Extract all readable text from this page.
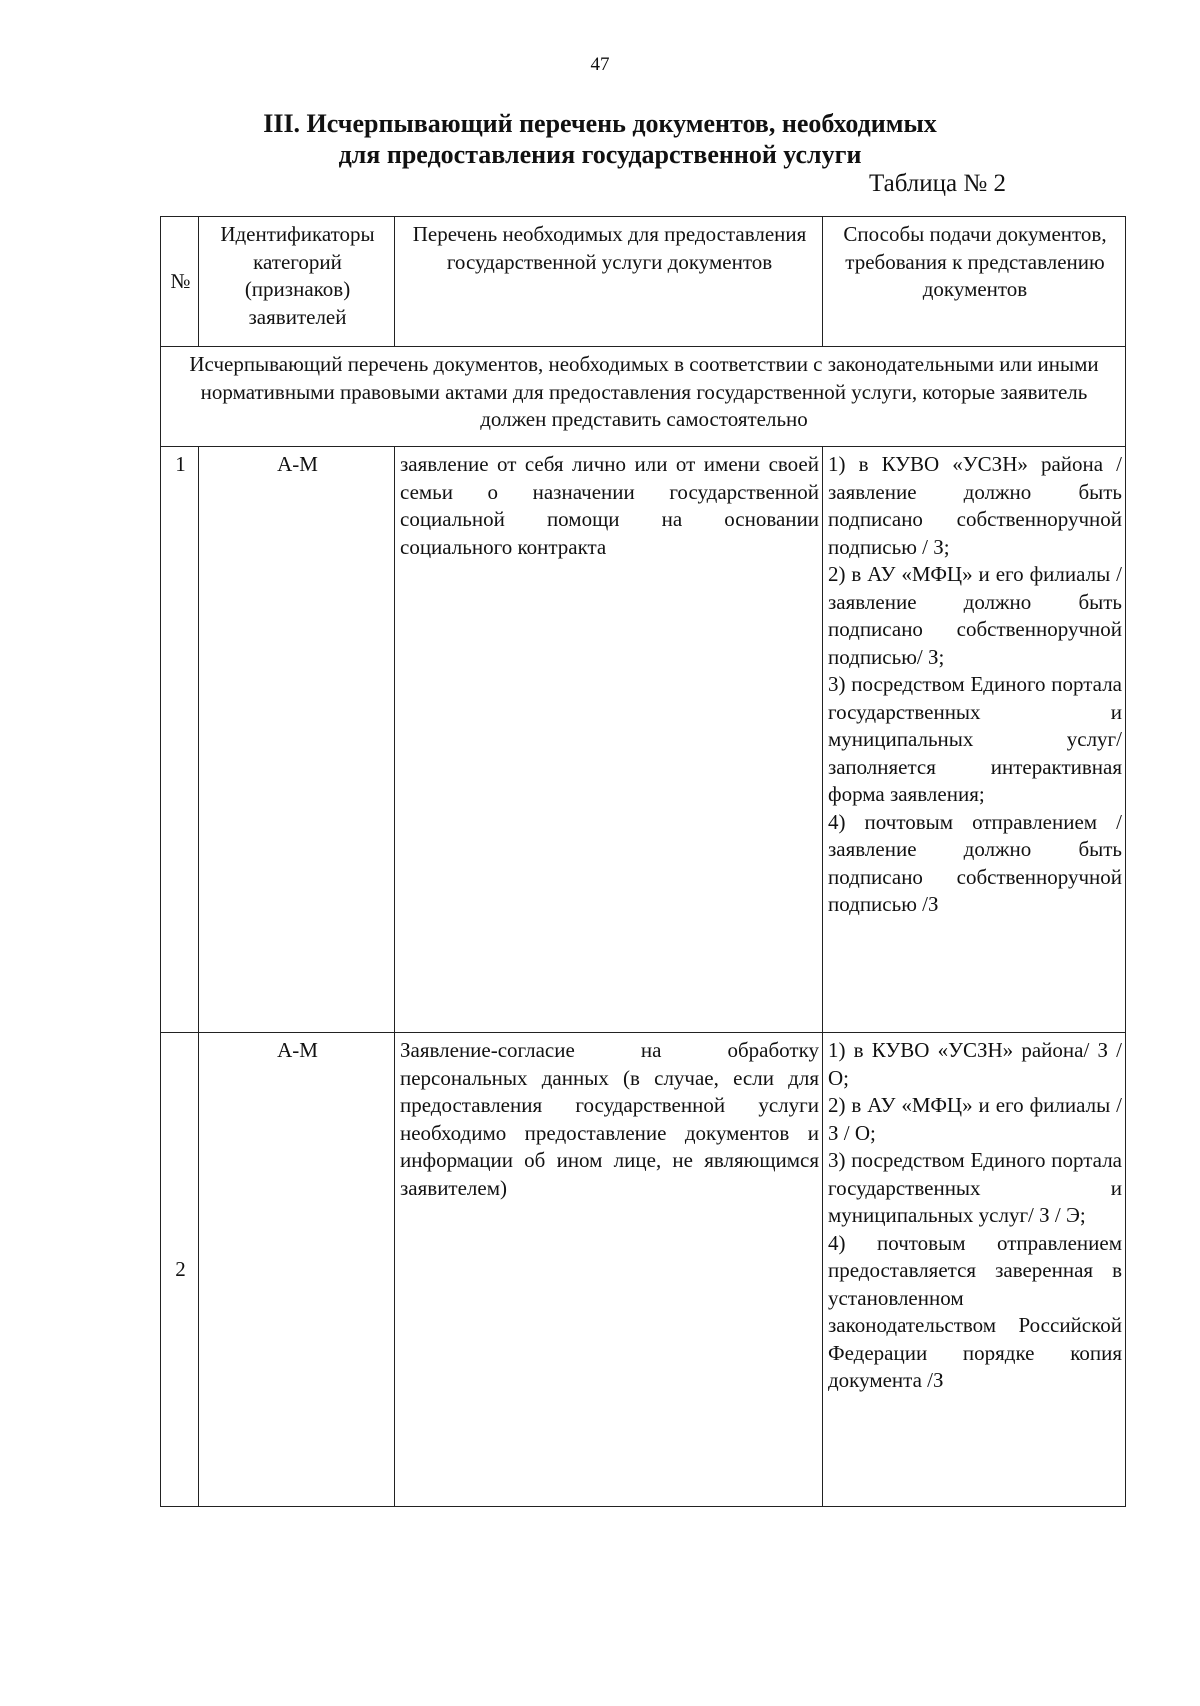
47
III. Исчерпывающий перечень документов, необходимых
для предоставления государственной услуги
Таблица № 2
№	Идентификаторы категорий (признаков) заявителей	Перечень необходимых для предоставления государственной услуги документов	Способы подачи документов, требования к представлению документов
Исчерпывающий перечень документов, необходимых в соответствии с законодательными или иными нормативными правовыми актами для предоставления государственной услуги, которые заявитель должен представить самостоятельно			
1	А-М	заявление от себя лично или от имени своей семьи о назначении государственной социальной помощи на основании социального контракта	1) в КУВО «УСЗН» района /заявление должно быть подписано собственноручной подписью / З;
2) в АУ «МФЦ» и его филиалы / заявление должно быть подписано собственноручной подписью/ З;
3) посредством Единого портала государственных и муниципальных услуг/ заполняется интерактивная форма заявления;
4) почтовым отправлением / заявление должно быть подписано собственноручной подписью /З

2	А-М	Заявление-согласие на обработку персональных данных (в случае, если для предоставления государственной услуги необходимо предоставление документов и информации об ином лице, не являющимся заявителем)	1) в КУВО «УСЗН» района/ З / О;
2) в АУ «МФЦ» и его филиалы / З / О;
3) посредством Единого портала государственных и муниципальных услуг/ З / Э;
4) почтовым отправлением предоставляется заверенная в установленном законодательством Российской Федерации порядке копия документа /З
